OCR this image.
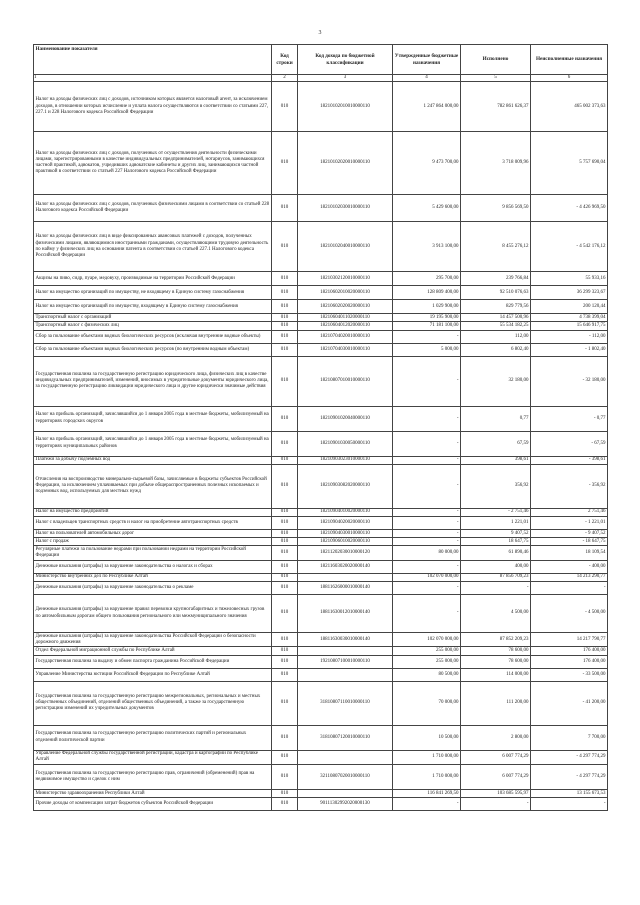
3
Наименование показателя	Код строки	Код дохода по бюджетной классификации	Утвержденные бюджетные назначения	Исполнено	Неисполненные назначения
1	2	3	4	5	6
Налог на доходы физических лиц с доходов, источником которых является налоговый агент, за исключением доходов, в отношении которых исчисление и уплата налога осуществляются в соответствии со статьями 227, 227.1 и 228 Налогового кодекса Российской Федерации	010	18210102010010000110	1 247 864 000,00	782 861 626,37	465 002 373,63
Налог на доходы физических лиц с доходов, полученных от осуществления деятельности физическими лицами, зарегистрированными в качестве индивидуальных предпринимателей, нотариусов, занимающихся частной практикой, адвокатов, учредивших адвокатские кабинеты и других лиц, занимающихся частной практикой в соответствии со статьей 227 Налогового кодекса Российской Федерации	010	18210102020010000110	9 473 700,00	3 718 009,96	5 757 690,04
Налог на доходы физических лиц с доходов, полученных физическими лицами в соответствии со статьей 228 Налогового кодекса Российской Федерации	010	18210102030010000110	5 429 600,00	9 856 569,50	- 4 426 969,50
Налог на доходы физических лиц в виде фиксированных авансовых платежей с доходов, полученных физическими лицами, являющимися иностранными гражданами, осуществляющими трудовую деятельность по найму у физических лиц на основании патента в соответствии со статьей 227.1 Налогового кодекса Российской Федерации	010	18210102040010000110	3 913 100,00	8 455 276,12	- 4 542 176,12
Акцизы на пиво, сидр, пуаре, медовуху, производимые на территории Российской Федерации	010	18210302120010000110	295 700,00	239 766,84	55 933,16
Налог на имущество организаций по имуществу, не входящему в Единую систему газоснабжения	010	18210602010020000110	128 809 400,00	92 510 076,63	36 299 323,67
Налог на имущество организаций по имуществу, входящему в Единую систему газоснабжения	010	18210602020020000110	1 029 900,00	829 779,56	200 120,44
Транспортный налог с организаций	010	18210604011020000110	19 195 900,00	14 457 500,96	4 738 399,04
Транспортный налог с физических лиц	010	18210604012020000110	71 181 100,00	55 534 182,25	15 646 917,75
Сбор за пользование объектами водных биологических ресурсов (исключая внутренние водные объекты)	010	18210704020010000110	-	112,00	- 112,00
Сбор за пользование объектами водных биологических ресурсов (по внутренним водным объектам)	010	18210704030010000110	5 000,00	6 802,40	- 1 802,40
Государственная пошлина за государственную регистрацию юридического лица, физических лиц в качестве индивидуальных предпринимателей, изменений, вносимых в учредительные документы юридического лица, за государственную регистрацию ликвидации юридического лица и другие юридически значимые действия	010	18210807010010000110	-	32 180,00	- 32 180,00
Налог на прибыль организаций, зачислявшийся до 1 января 2005 года в местные бюджеты, мобилизуемый на территориях городских округов	010	18210901020040000110	-	0,77	- 0,77
Налог на прибыль организаций, зачислявшийся до 1 января 2005 года в местные бюджеты, мобилизуемый на территориях муниципальных районов	010	18210901030050000110	-	67,59	- 67,59
Платежи за добычу подземных вод	010	18210903023010000110	-	398,61	- 398,61
Отчисления на воспроизводство минерально-сырьевой базы, зачисляемые в бюджеты субъектов Российской Федерации, за исключением уплачиваемых при добыче общераспространенных полезных ископаемых и подземных вод, используемых для местных нужд	010	18210903082020000110	-	356,92	- 356,92
Налог на имущество предприятий	010	18210904010020000110	-	- 2 751,46	2 751,46
Налог с владельцев транспортных средств и налог на приобретение автотранспортных средств	010	18210904020020000110	-	1 221,01	- 1 221,01
Налог на пользователей автомобильных дорог	010	18210904030010000110	-	9 407,52	- 9 407,52
Налог с продаж	010	18210906010020000110	-	18 647,75	- 18 647,75
Регулярные платежи за пользование недрами при пользовании недрами на территории Российской Федерации	010	18211202030010000120	80 000,00	61 890,46	18 109,54
Денежные взыскания (штрафы) за нарушение законодательства о налогах и сборах	010	18211603020020000140	-	400,00	- 400,00
Министерство внутренних дел по Республике Алтай	010		102 070 000,00	87 856 709,23	14 213 290,77
Денежные взыскания (штрафы) за нарушение законодательства о рекламе	010	18811626000010000140	-	-	-
Денежные взыскания (штрафы) за нарушение правил перевозки крупногабаритных и тяжеловесных грузов по автомобильным дорогам общего пользования регионального или межмуниципального значения	010	18811630012010000140	-	4 500,00	- 4 500,00
Денежные взыскания (штрафы) за нарушение законодательства Российской Федерации о безопасности дорожного движения	010	18811630030010000140	102 070 000,00	87 852 209,23	14 217 790,77
Отдел Федеральной миграционной службы по Республике Алтай	010		255 000,00	78 600,00	176 400,00
Государственная пошлина за выдачу и обмен паспорта гражданина Российской Федерации	010	19210807100010000110	255 000,00	78 600,00	176 400,00
Управление Министерства юстиции Российской Федерации по Республике Алтай	010		80 500,00	114 000,00	- 33 500,00
Государственная пошлина за государственную регистрацию межрегиональных, региональных и местных общественных объединений, отделений общественных объединений, а также за государственную регистрацию изменений их учредительных документов	010	31810807110010000110	70 000,00	111 200,00	- 41 200,00
Государственная пошлина за государственную регистрацию политических партий и региональных отделений политической партии	010	31810807120010000110	10 500,00	2 800,00	7 700,00
Управление Федеральной службы государственной регистрации, кадастра и картографии по Республике Алтай	010		1 710 000,00	6 007 774,29	- 4 297 774,29
Государственная пошлина за государственную регистрацию прав, ограничений (обременений) прав на недвижимое имущество и сделок с ним	010	32110807020010000110	1 710 000,00	6 007 774,29	- 4 297 774,29
Министерство здравоохранения Республики Алтай	010		116 841 269,50	103 685 595,97	13 155 673,53
Прочие доходы от компенсации затрат бюджетов субъектов Российской Федерации	010	90111302992020000130	-	-	-
